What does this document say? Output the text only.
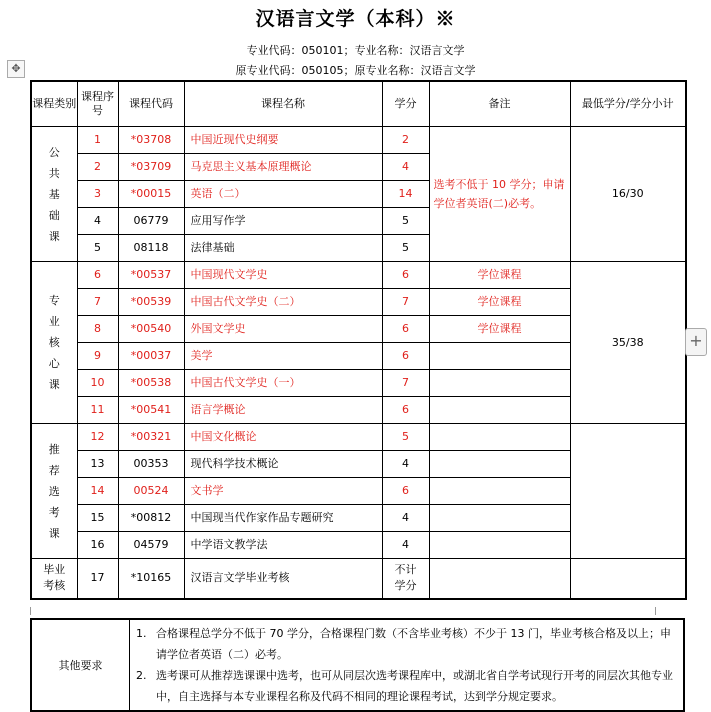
汉语言文学（本科）※
专业代码：050101；专业名称：汉语言文学
原专业代码：050105；原专业名称：汉语言文学
✥
课程类别	课程序号	课程代码	课程名称	学分	备注	最低学分/学分小计

公共基础课	1	*03708	中国近现代史纲要	2	选考不低于 10 学分；申请学位者英语(二)必考。	16/30
	2	*03709	马克思主义基本原理概论	4		
	3	*00015	英语（二）	14		
	4	06779	应用写作学	5		
	5	08118	法律基础	5		

专业核心课	6	*00537	中国现代文学史	6	学位课程	35/38
	7	*00539	中国古代文学史（二）	7	学位课程	
	8	*00540	外国文学史	6	学位课程	
	9	*00037	美学	6		
	10	*00538	中国古代文学史（一）	7		
	11	*00541	语言学概论	6		

推荐选考课	12	*00321	中国文化概论	5		
	13	00353	现代科学技术概论	4		
	14	00524	文书学	6		
	15	*00812	中国现当代作家作品专题研究	4		
	16	04579	中学语文教学法	4		

毕业考核	17	*10165	汉语言文学毕业考核	不计学分		

+
其他要求	
1. 合格课程总学分不低于 70 学分，合格课程门数（不含毕业考核）不少于 13 门，毕业考核合格及以上；申请学位者英语（二）必考。
2. 选考课可从推荐选课课中选考，也可从同层次选考课程库中，或湖北省自学考试现行开考的同层次其他专业中，自主选择与本专业课程名称及代码不相同的理论课程考试，达到学分规定要求。
